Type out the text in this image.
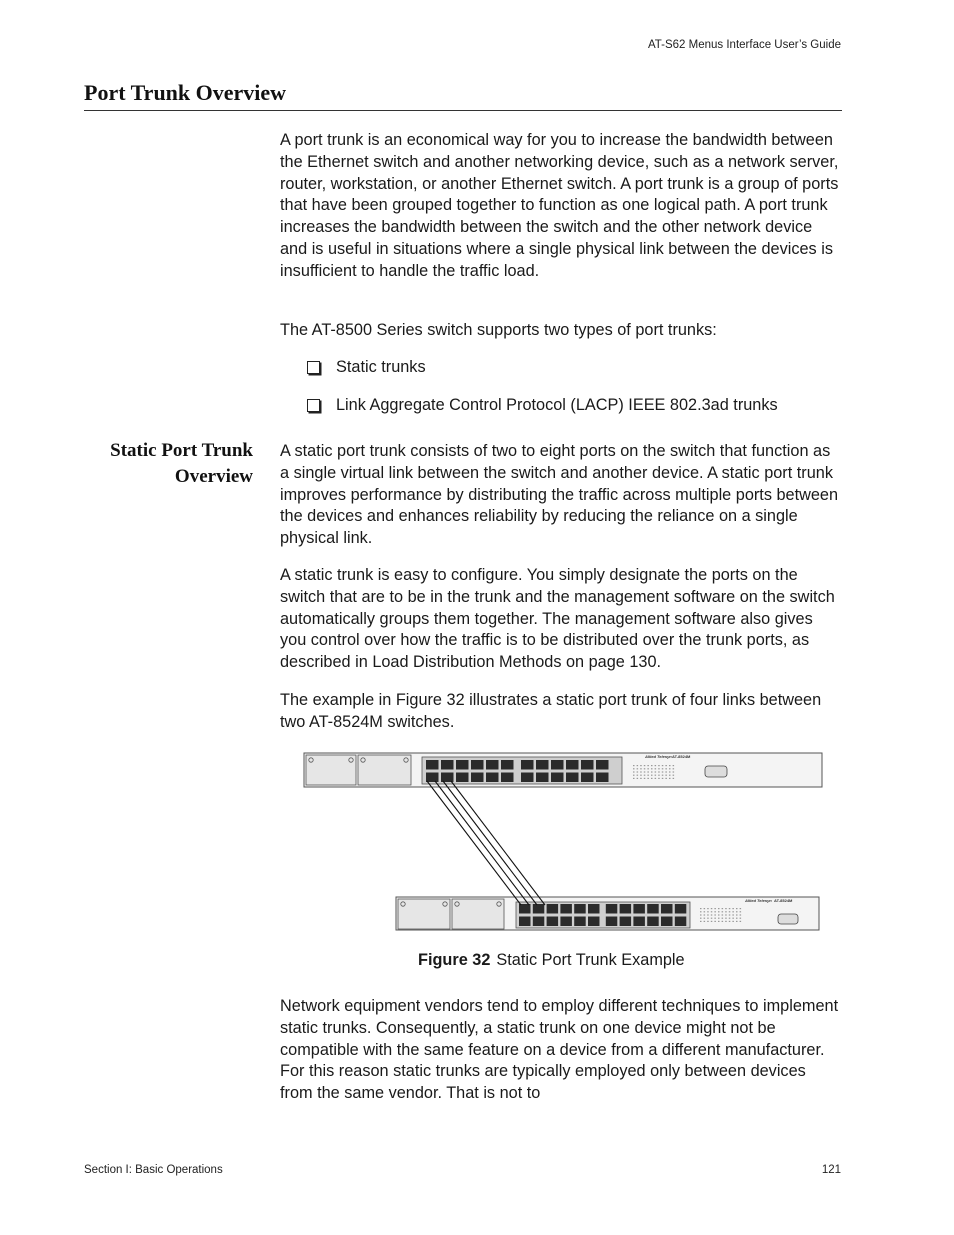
AT-S62 Menus Interface User’s Guide
Port Trunk Overview

A port trunk is an economical way for you to increase the bandwidth between the Ethernet switch and another networking device, such as a network server, router, workstation, or another Ethernet switch. A port trunk is a group of ports that have been grouped together to function as one logical path. A port trunk increases the bandwidth between the switch and the other network device and is useful in situations where a single physical link between the devices is insufficient to handle the traffic load.

The AT-8500 Series switch supports two types of port trunks:

Static trunks
Link Aggregate Control Protocol (LACP) IEEE 802.3ad trunks
Static Port Trunk
Overview

A static port trunk consists of two to eight ports on the switch that function as a single virtual link between the switch and another device. A static port trunk improves performance by distributing the traffic across multiple ports between the devices and enhances reliability by reducing the reliance on a single physical link.

A static trunk is easy to configure. You simply designate the ports on the switch that are to be in the trunk and the management software on the switch automatically groups them together. The management software also gives you control over how the traffic is to be distributed over the trunk ports, as described in Load Distribution Methods on page 130.

The example in Figure 32 illustrates a static port trunk of four links between two AT-8524M switches.

Allied Telesyn AT-8524M
Allied Telesyn AT-8524M
Figure 32 Static Port Trunk Example

Network equipment vendors tend to employ different techniques to implement static trunks. Consequently, a static trunk on one device might not be compatible with the same feature on a device from a different manufacturer. For this reason static trunks are typically employed only between devices from the same vendor. That is not to

Section I: Basic Operations	121
